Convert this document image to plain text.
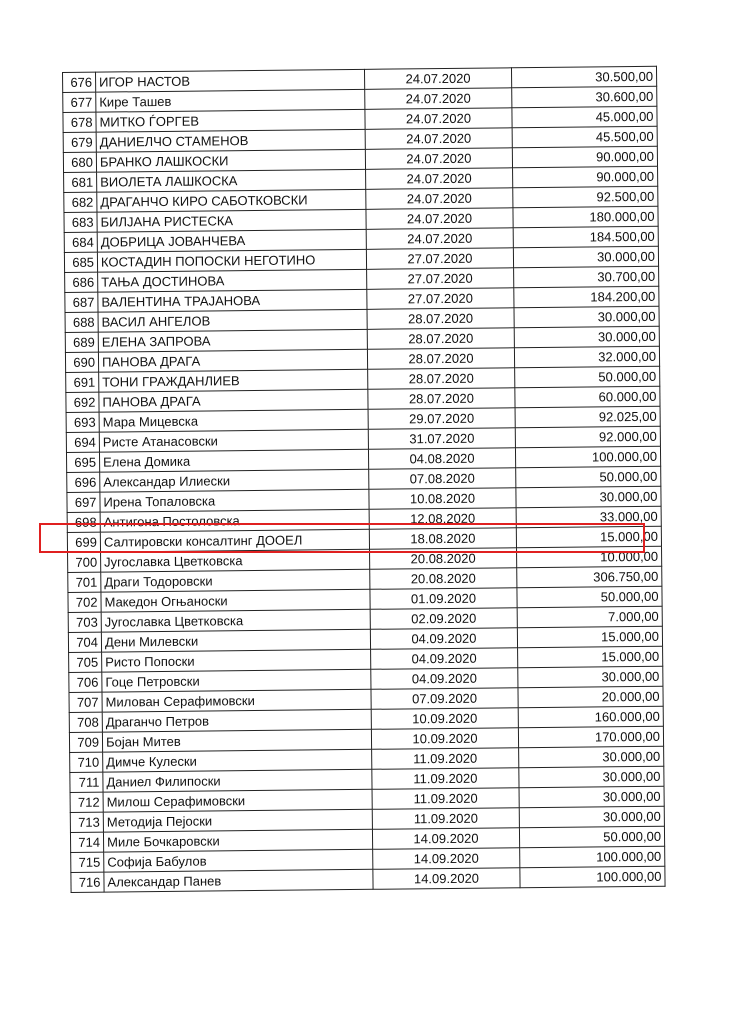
676	ИГОР НАСТОВ	24.07.2020	30.500,00
677	Кире Ташев	24.07.2020	30.600,00
678	МИТКО ЃОРГЕВ	24.07.2020	45.000,00
679	ДАНИЕЛЧО СТАМЕНОВ	24.07.2020	45.500,00
680	БРАНКО ЛАШКОСКИ	24.07.2020	90.000,00
681	ВИОЛЕТА ЛАШКОСКА	24.07.2020	90.000,00
682	ДРАГАНЧО КИРО САБОТКОВСКИ	24.07.2020	92.500,00
683	БИЛЈАНА РИСТЕСКА	24.07.2020	180.000,00
684	ДОБРИЦА ЈОВАНЧЕВА	24.07.2020	184.500,00
685	КОСТАДИН ПОПОСКИ НЕГОТИНО	27.07.2020	30.000,00
686	ТАЊА ДОСТИНОВА	27.07.2020	30.700,00
687	ВАЛЕНТИНА ТРАЈАНОВА	27.07.2020	184.200,00
688	ВАСИЛ АНГЕЛОВ	28.07.2020	30.000,00
689	ЕЛЕНА ЗАПРОВА	28.07.2020	30.000,00
690	ПАНОВА ДРАГА	28.07.2020	32.000,00
691	ТОНИ ГРАЖДАНЛИЕВ	28.07.2020	50.000,00
692	ПАНОВА ДРАГА	28.07.2020	60.000,00
693	Мара Мицевска	29.07.2020	92.025,00
694	Ристе Атанасовски	31.07.2020	92.000,00
695	Елена Домика	04.08.2020	100.000,00
696	Александар Илиески	07.08.2020	50.000,00
697	Ирена Топаловска	10.08.2020	30.000,00
698	Антигона Постоловска	12.08.2020	33.000,00
699	Салтировски консалтинг ДООЕЛ	18.08.2020	15.000,00
700	Југославка Цветковска	20.08.2020	10.000,00
701	Драги Тодоровски	20.08.2020	306.750,00
702	Македон Огњаноски	01.09.2020	50.000,00
703	Југославка Цветковска	02.09.2020	7.000,00
704	Дени Милевски	04.09.2020	15.000,00
705	Ристо Попоски	04.09.2020	15.000,00
706	Гоце Петровски	04.09.2020	30.000,00
707	Милован Серафимовски	07.09.2020	20.000,00
708	Драганчо Петров	10.09.2020	160.000,00
709	Бојан Митев	10.09.2020	170.000,00
710	Димче Кулески	11.09.2020	30.000,00
711	Даниел Филипоски	11.09.2020	30.000,00
712	Милош Серафимовски	11.09.2020	30.000,00
713	Методија Пејоски	11.09.2020	30.000,00
714	Миле Бочкаровски	14.09.2020	50.000,00
715	Софија Бабулов	14.09.2020	100.000,00
716	Александар Панев	14.09.2020	100.000,00
